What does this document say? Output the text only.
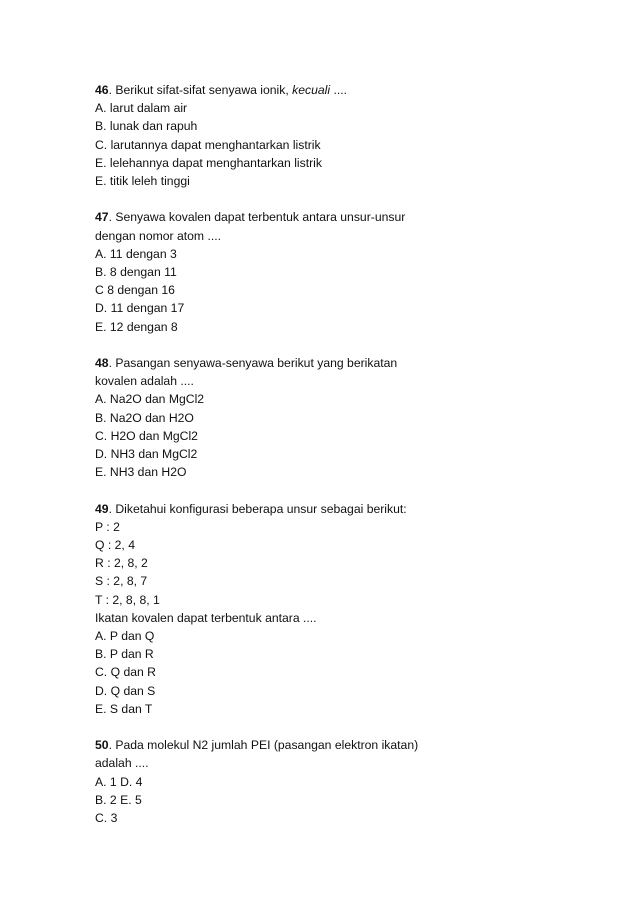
46. Berikut sifat-sifat senyawa ionik, kecuali ....
A. larut dalam air
B. lunak dan rapuh
C. larutannya dapat menghantarkan listrik
E. lelehannya dapat menghantarkan listrik
E. titik leleh tinggi
47. Senyawa kovalen dapat terbentuk antara unsur-unsur
dengan nomor atom ....
A. 11 dengan 3
B. 8 dengan 11
C 8 dengan 16
D. 11 dengan 17
E. 12 dengan 8
48. Pasangan senyawa-senyawa berikut yang berikatan
kovalen adalah ....
A. Na2O dan MgCl2
B. Na2O dan H2O
C. H2O dan MgCl2
D. NH3 dan MgCl2
E. NH3 dan H2O
49. Diketahui konfigurasi beberapa unsur sebagai berikut:
P : 2
Q : 2, 4
R : 2, 8, 2
S : 2, 8, 7
T : 2, 8, 8, 1
Ikatan kovalen dapat terbentuk antara ....
A. P dan Q
B. P dan R
C. Q dan R
D. Q dan S
E. S dan T
50. Pada molekul N2 jumlah PEI (pasangan elektron ikatan)
adalah ....
A. 1 D. 4
B. 2 E. 5
C. 3
